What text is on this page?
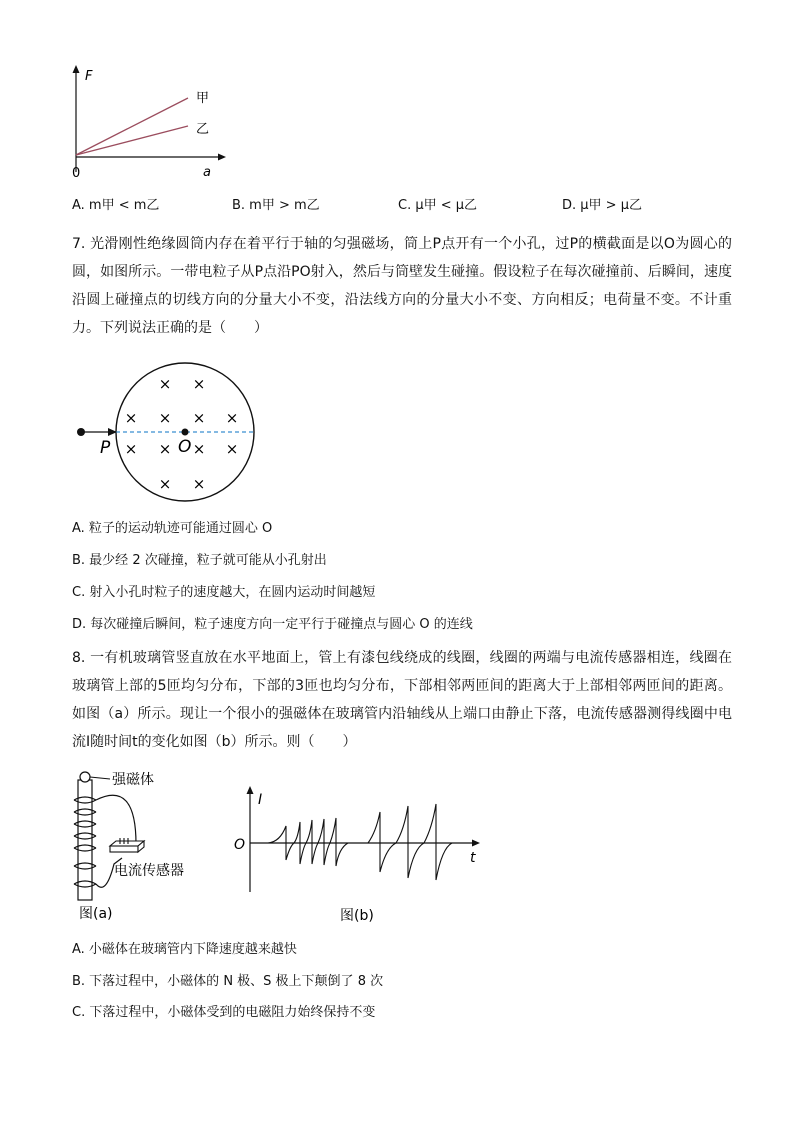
F
a
0
甲
乙
A. m甲 < m乙	B. m甲 > m乙	C. μ甲 < μ乙	D. μ甲 > μ乙
7. 光滑刚性绝缘圆筒内存在着平行于轴的匀强磁场，筒上P点开有一个小孔，过P的横截面是以O为圆心的圆，如图所示。一带电粒子从P点沿PO射入，然后与筒壁发生碰撞。假设粒子在每次碰撞前、后瞬间，速度沿圆上碰撞点的切线方向的分量大小不变，沿法线方向的分量大小不变、方向相反；电荷量不变。不计重力。下列说法正确的是（　　）
P	O
× ×
× × × ×
× × × ×
× ×
A. 粒子的运动轨迹可能通过圆心 O
B. 最少经 2 次碰撞，粒子就可能从小孔射出
C. 射入小孔时粒子的速度越大，在圆内运动时间越短
D. 每次碰撞后瞬间，粒子速度方向一定平行于碰撞点与圆心 O 的连线
8. 一有机玻璃管竖直放在水平地面上，管上有漆包线绕成的线圈，线圈的两端与电流传感器相连，线圈在玻璃管上部的5匝均匀分布，下部的3匝也均匀分布，下部相邻两匝间的距离大于上部相邻两匝间的距离。如图（a）所示。现让一个很小的强磁体在玻璃管内沿轴线从上端口由静止下落，电流传感器测得线圈中电流I随时间t的变化如图（b）所示。则（　　）
强磁体
电流传感器
图(a)
I
t
O
图(b)
A. 小磁体在玻璃管内下降速度越来越快
B. 下落过程中，小磁体的 N 极、S 极上下颠倒了 8 次
C. 下落过程中，小磁体受到的电磁阻力始终保持不变
